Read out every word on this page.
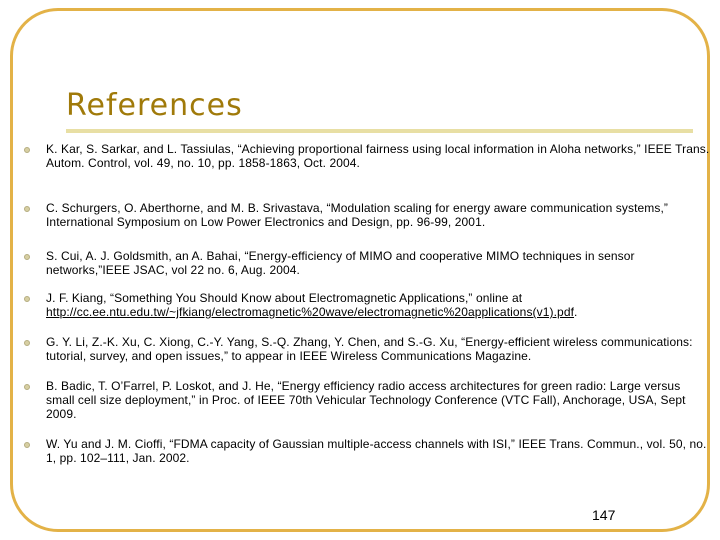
References
K. Kar, S. Sarkar, and L. Tassiulas, “Achieving proportional fairness using local information in Aloha networks,” IEEE Trans. Autom. Control, vol. 49, no. 10, pp. 1858-1863, Oct. 2004.
C. Schurgers, O. Aberthorne, and M. B. Srivastava, “Modulation scaling for energy aware communication systems,” International Symposium on Low Power Electronics and Design, pp. 96-99, 2001.
S. Cui, A. J. Goldsmith, an A. Bahai, “Energy-efficiency of MIMO and cooperative MIMO techniques in sensor networks,”IEEE JSAC, vol 22 no. 6, Aug. 2004.
J. F. Kiang, “Something You Should Know about Electromagnetic Applications,” online at http://cc.ee.ntu.edu.tw/~jfkiang/electromagnetic%20wave/electromagnetic%20applications(v1).pdf.
G. Y. Li, Z.-K. Xu, C. Xiong, C.-Y. Yang, S.-Q. Zhang, Y. Chen, and S.-G. Xu, “Energy-efficient wireless communications: tutorial, survey, and open issues,” to appear in IEEE Wireless Communications Magazine.
B. Badic, T. O’Farrel, P. Loskot, and J. He, “Energy efficiency radio access architectures for green radio: Large versus small cell size deployment,” in Proc. of IEEE 70th Vehicular Technology Conference (VTC Fall), Anchorage, USA, Sept 2009.
W. Yu and J. M. Cioffi, “FDMA capacity of Gaussian multiple-access channels with ISI,” IEEE Trans. Commun., vol. 50, no. 1, pp. 102–111, Jan. 2002.
147
